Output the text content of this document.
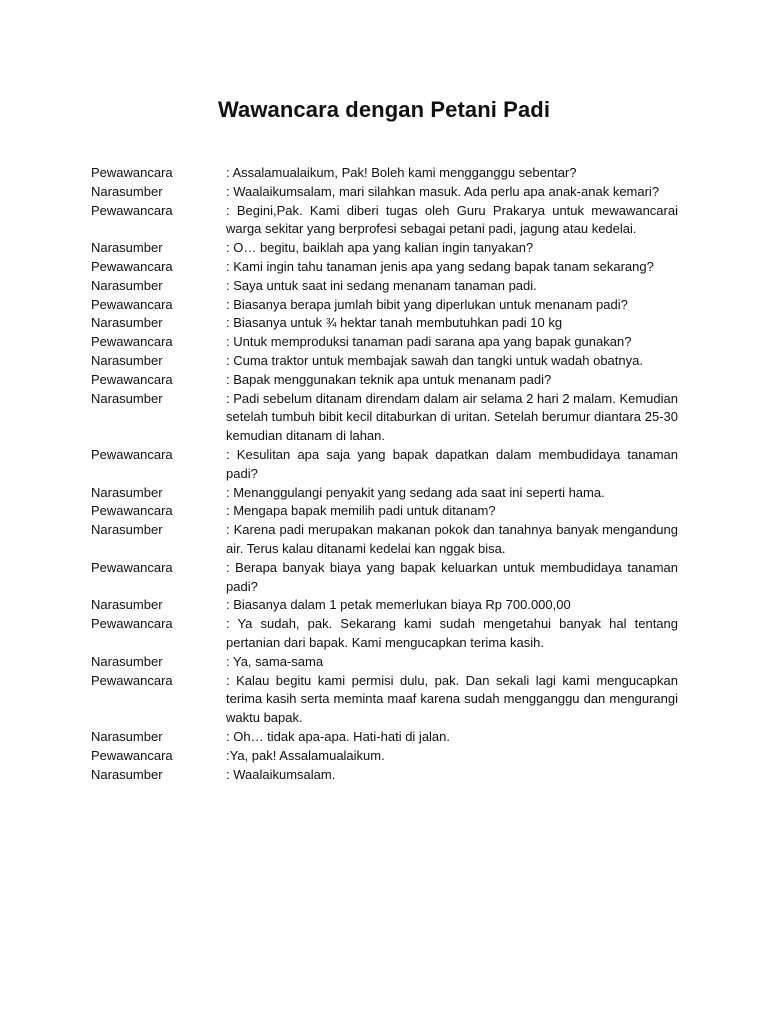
Wawancara dengan Petani Padi
Pewawancara	: Assalamualaikum, Pak! Boleh kami mengganggu sebentar?
Narasumber	: Waalaikumsalam, mari silahkan masuk. Ada perlu apa anak-anak kemari?
Pewawancara	: Begini,Pak. Kami diberi tugas oleh Guru Prakarya untuk mewawancarai warga sekitar yang berprofesi sebagai petani padi, jagung atau kedelai.
Narasumber	: O… begitu, baiklah apa yang kalian ingin tanyakan?
Pewawancara	: Kami ingin tahu tanaman jenis apa yang sedang bapak tanam sekarang?
Narasumber	: Saya untuk saat ini sedang menanam tanaman padi.
Pewawancara	: Biasanya berapa jumlah bibit yang diperlukan untuk menanam padi?
Narasumber	: Biasanya untuk ¾ hektar tanah membutuhkan padi 10 kg
Pewawancara	: Untuk memproduksi tanaman padi sarana apa yang bapak gunakan?
Narasumber	: Cuma traktor untuk membajak sawah dan tangki untuk wadah obatnya.
Pewawancara	: Bapak menggunakan teknik apa untuk menanam padi?
Narasumber	: Padi sebelum ditanam direndam dalam air selama 2 hari 2 malam. Kemudian setelah tumbuh bibit kecil ditaburkan di uritan. Setelah berumur diantara 25-30 kemudian ditanam di lahan.
Pewawancara	: Kesulitan apa saja yang bapak dapatkan dalam membudidaya tanaman padi?
Narasumber	: Menanggulangi penyakit yang sedang ada saat ini seperti hama.
Pewawancara	: Mengapa bapak memilih padi untuk ditanam?
Narasumber	: Karena padi merupakan makanan pokok dan tanahnya banyak mengandung air. Terus kalau ditanami kedelai kan nggak bisa.
Pewawancara	: Berapa banyak biaya yang bapak keluarkan untuk membudidaya tanaman padi?
Narasumber	: Biasanya dalam 1 petak memerlukan biaya Rp 700.000,00
Pewawancara	: Ya sudah, pak. Sekarang kami sudah mengetahui banyak hal tentang pertanian dari bapak. Kami mengucapkan terima kasih.
Narasumber	: Ya, sama-sama
Pewawancara	: Kalau begitu kami permisi dulu, pak. Dan sekali lagi kami mengucapkan terima kasih serta meminta maaf karena sudah mengganggu dan mengurangi waktu bapak.
Narasumber	: Oh… tidak apa-apa. Hati-hati di jalan.
Pewawancara	:Ya, pak! Assalamualaikum.
Narasumber	: Waalaikumsalam.
